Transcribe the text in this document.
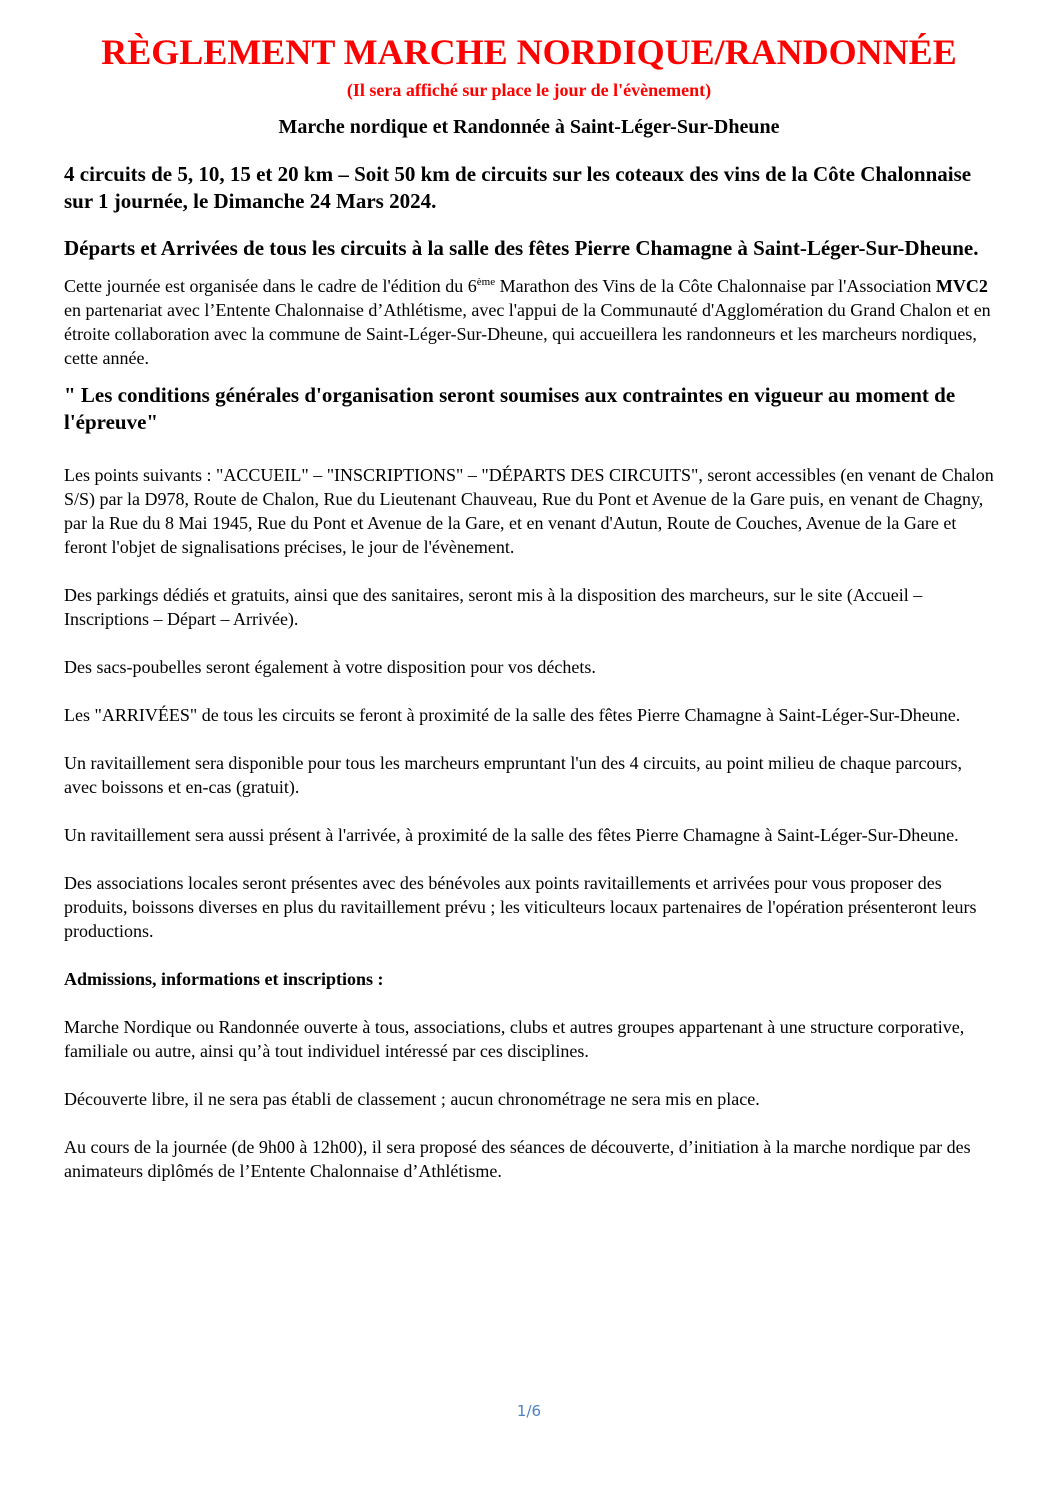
RÈGLEMENT MARCHE NORDIQUE/RANDONNÉE

(Il sera affiché sur place le jour de l'évènement)

Marche nordique et Randonnée à Saint-Léger-Sur-Dheune

4 circuits de 5, 10, 15 et 20 km – Soit 50 km de circuits sur les coteaux des vins de la Côte Chalonnaise sur 1 journée, le Dimanche 24 Mars 2024.

Départs et Arrivées de tous les circuits à la salle des fêtes Pierre Chamagne à Saint-Léger-Sur-Dheune.

Cette journée est organisée dans le cadre de l'édition du 6ème Marathon des Vins de la Côte Chalonnaise par l'Association MVC2 en partenariat avec l’Entente Chalonnaise d’Athlétisme, avec l'appui de la Communauté d'Agglomération du Grand Chalon et en étroite collaboration avec la commune de Saint-Léger-Sur-Dheune, qui accueillera les randonneurs et les marcheurs nordiques, cette année.

" Les conditions générales d'organisation seront soumises aux contraintes en vigueur au moment de l'épreuve"

Les points suivants : "ACCUEIL" – "INSCRIPTIONS" – "DÉPARTS DES CIRCUITS", seront accessibles (en venant de Chalon S/S) par la D978, Route de Chalon, Rue du Lieutenant Chauveau, Rue du Pont et Avenue de la Gare puis, en venant de Chagny, par la Rue du 8 Mai 1945, Rue du Pont et Avenue de la Gare, et en venant d'Autun, Route de Couches, Avenue de la Gare et feront l'objet de signalisations précises, le jour de l'évènement.

Des parkings dédiés et gratuits, ainsi que des sanitaires, seront mis à la disposition des marcheurs, sur le site (Accueil – Inscriptions – Départ – Arrivée).

Des sacs-poubelles seront également à votre disposition pour vos déchets.

Les "ARRIVÉES" de tous les circuits se feront à proximité de la salle des fêtes Pierre Chamagne à Saint-Léger-Sur-Dheune.

Un ravitaillement sera disponible pour tous les marcheurs empruntant l'un des 4 circuits, au point milieu de chaque parcours, avec boissons et en-cas (gratuit).

Un ravitaillement sera aussi présent à l'arrivée, à proximité de la salle des fêtes Pierre Chamagne à Saint-Léger-Sur-Dheune.

Des associations locales seront présentes avec des bénévoles aux points ravitaillements et arrivées pour vous proposer des produits, boissons diverses en plus du ravitaillement prévu ; les viticulteurs locaux partenaires de l'opération présenteront leurs productions.

Admissions, informations et inscriptions :

Marche Nordique ou Randonnée ouverte à tous, associations, clubs et autres groupes appartenant à une structure corporative, familiale ou autre, ainsi qu’à tout individuel intéressé par ces disciplines.

Découverte libre, il ne sera pas établi de classement ; aucun chronométrage ne sera mis en place.

Au cours de la journée (de 9h00 à 12h00), il sera proposé des séances de découverte, d’initiation à la marche nordique par des animateurs diplômés de l’Entente Chalonnaise d’Athlétisme.

1/6
